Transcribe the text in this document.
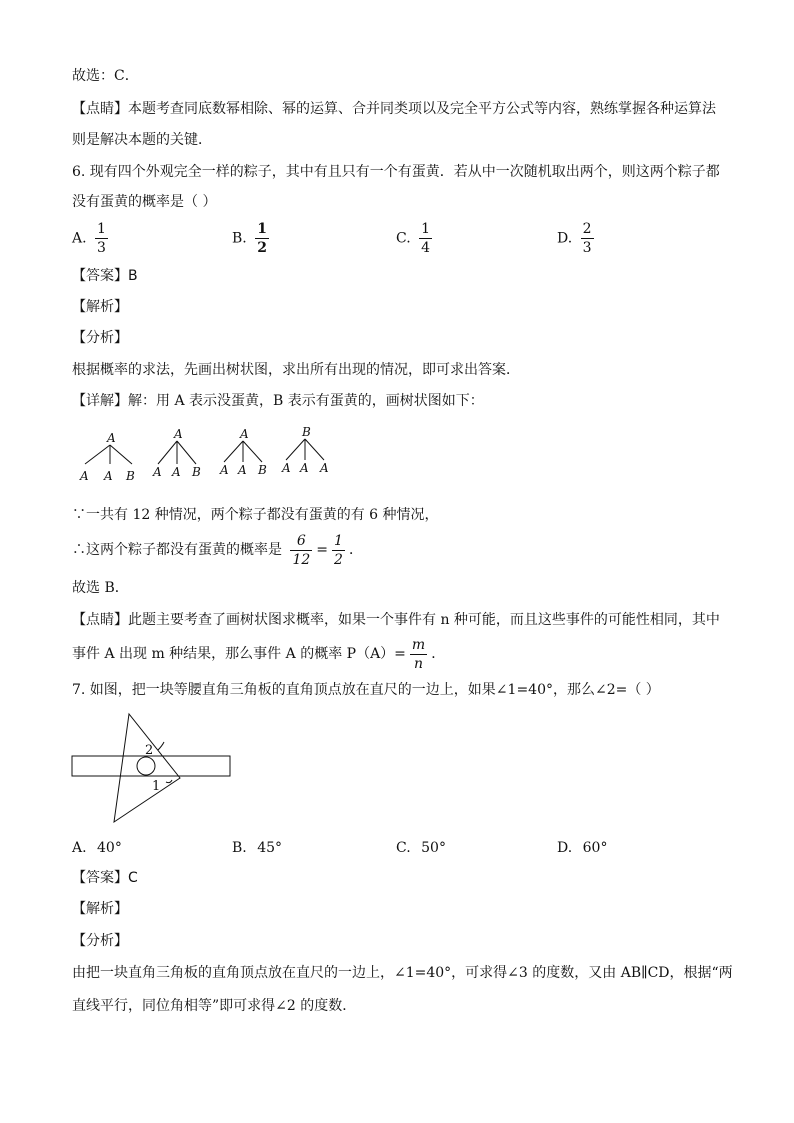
故选：C．
【点睛】本题考查同底数幂相除、幂的运算、合并同类项以及完全平方公式等内容，熟练掌握各种运算法
则是解决本题的关键．
6. 现有四个外观完全一样的粽子，其中有且只有一个有蛋黄．若从中一次随机取出两个，则这两个粽子都
没有蛋黄的概率是（ ）
A. $\frac{1}{3}$	B. $\frac{1}{2}$	C. $\frac{1}{4}$	D. $\frac{2}{3}$
【答案】B
【解析】
【分析】
根据概率的求法，先画出树状图，求出所有出现的情况，即可求出答案．
【详解】解：用 A 表示没蛋黄，B 表示有蛋黄的，画树状图如下：
A
A A B
A
A A B
A
A A B
B
A A A
∵一共有 12 种情况，两个粽子都没有蛋黄的有 6 种情况，
∴这两个粽子都没有蛋黄的概率是 $\frac{6}{12} = \frac{1}{2}$ ．
故选 B．
【点睛】此题主要考查了画树状图求概率，如果一个事件有 n 种可能，而且这些事件的可能性相同，其中
事件 A 出现 m 种结果，那么事件 A 的概率 $P(A)= \frac{m}{n}$ ．
7. 如图，把一块等腰直角三角板的直角顶点放在直尺的一边上，如果∠1=40°，那么∠2=（ ）
2
1
A. 40°	B. 45°	C. 50°	D. 60°
【答案】C
【解析】
【分析】
由把一块直角三角板的直角顶点放在直尺的一边上，∠1=40°，可求得∠3 的度数，又由 AB∥CD，根据“两
直线平行，同位角相等”即可求得∠2 的度数．
